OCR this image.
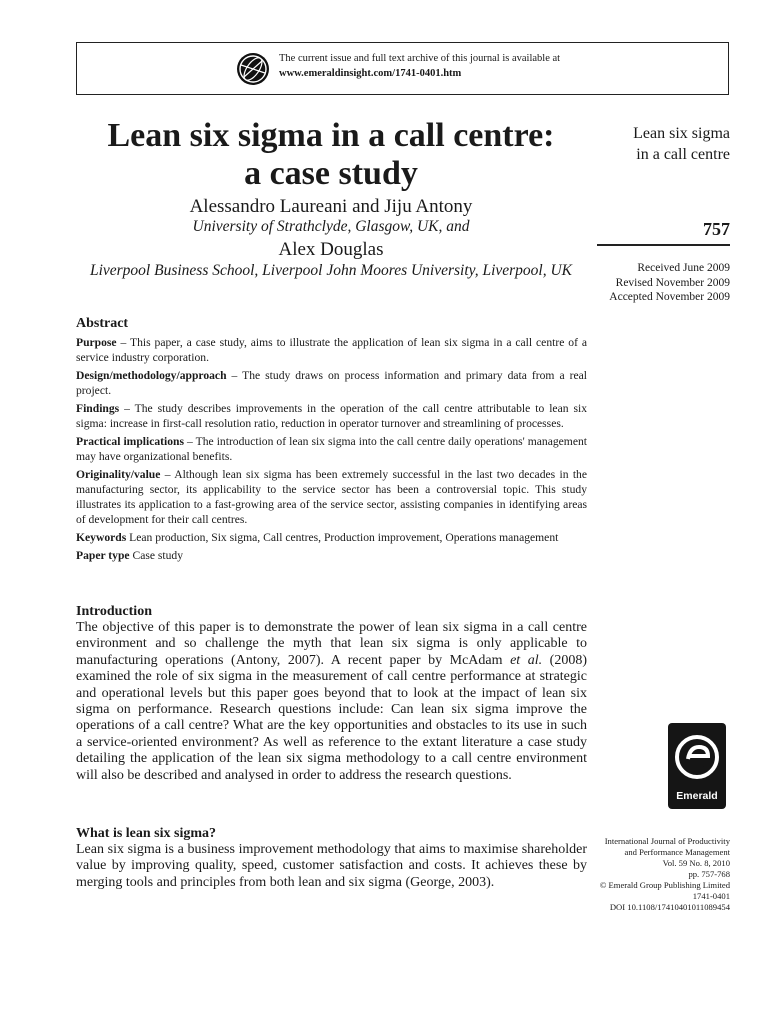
The current issue and full text archive of this journal is available at
www.emeraldinsight.com/1741-0401.htm
Lean six sigma in a call centre:
a case study
Alessandro Laureani and Jiju Antony
University of Strathclyde, Glasgow, UK, and
Alex Douglas
Liverpool Business School, Liverpool John Moores University, Liverpool, UK
Lean six sigma
in a call centre
757
Received June 2009
Revised November 2009
Accepted November 2009
Abstract

Purpose – This paper, a case study, aims to illustrate the application of lean six sigma in a call centre of a service industry corporation.

Design/methodology/approach – The study draws on process information and primary data from a real project.

Findings – The study describes improvements in the operation of the call centre attributable to lean six sigma: increase in first-call resolution ratio, reduction in operator turnover and streamlining of processes.

Practical implications – The introduction of lean six sigma into the call centre daily operations' management may have organizational benefits.

Originality/value – Although lean six sigma has been extremely successful in the last two decades in the manufacturing sector, its applicability to the service sector has been a controversial topic. This study illustrates its application to a fast-growing area of the service sector, assisting companies in identifying areas of development for their call centres.

Keywords Lean production, Six sigma, Call centres, Production improvement, Operations management

Paper type Case study

Introduction
The objective of this paper is to demonstrate the power of lean six sigma in a call centre environment and so challenge the myth that lean six sigma is only applicable to manufacturing operations (Antony, 2007). A recent paper by McAdam et al. (2008) examined the role of six sigma in the measurement of call centre performance at strategic and operational levels but this paper goes beyond that to look at the impact of lean six sigma on performance. Research questions include: Can lean six sigma improve the operations of a call centre? What are the key opportunities and obstacles to its use in such a service-oriented environment? As well as reference to the extant literature a case study detailing the application of the lean six sigma methodology to a call centre environment will also be described and analysed in order to address the research questions.
What is lean six sigma?
Lean six sigma is a business improvement methodology that aims to maximise shareholder value by improving quality, speed, customer satisfaction and costs. It achieves these by merging tools and principles from both lean and six sigma (George, 2003).
Emerald
International Journal of Productivity
and Performance Management
Vol. 59 No. 8, 2010
pp. 757-768
© Emerald Group Publishing Limited
1741-0401
DOI 10.1108/17410401011089454
